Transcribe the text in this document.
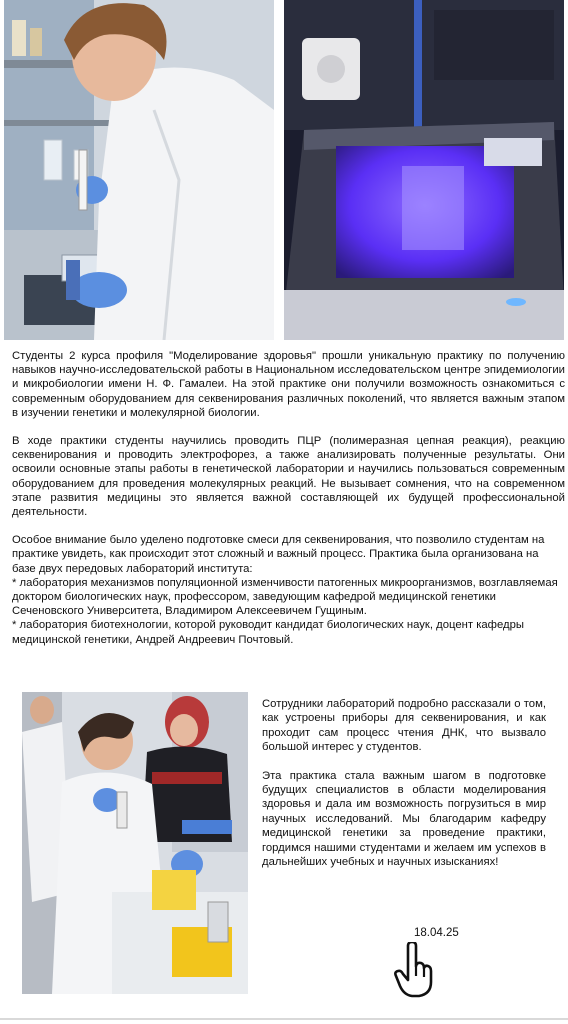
Студенты 2 курса профиля "Моделирование здоровья" прошли уникальную практику по получению навыков научно-исследовательской работы в Национальном исследовательском центре эпидемиологии и микробиологии имени Н. Ф. Гамалеи. На этой практике они получили возможность ознакомиться с современным оборудованием для секвенирования различных поколений, что является важным этапом в изучении генетики и молекулярной биологии.

В ходе практики студенты научились проводить ПЦР (полимеразная цепная реакция), реакцию секвенирования и проводить электрофорез, а также анализировать полученные результаты. Они освоили основные этапы работы в генетической лаборатории и научились пользоваться современным оборудованием для проведения молекулярных реакций. Не вызывает сомнения, что на современном этапе развития медицины это является важной составляющей их будущей профессиональной деятельности.

Особое внимание было уделено подготовке смеси для секвенирования, что позволило студентам на практике увидеть, как происходит этот сложный и важный процесс. Практика была организована на базе двух передовых лабораторий института:
* лаборатория механизмов популяционной изменчивости патогенных микроорганизмов, возглавляемая доктором биологических наук, профессором, заведующим кафедрой медицинской генетики Сеченовского Университета, Владимиром Алексеевичем Гущиным.
* лаборатория биотехнологии, которой руководит кандидат биологических наук, доцент кафедры медицинской генетики, Андрей Андреевич Почтовый.

Сотрудники лабораторий подробно рассказали о том, как устроены приборы для секвенирования, и как проходит сам процесс чтения ДНК, что вызвало большой интерес у студентов.

Эта практика стала важным шагом в подготовке будущих специалистов в области моделирования здоровья и дала им возможность погрузиться в мир научных исследований. Мы благодарим кафедру медицинской генетики за проведение практики, гордимся нашими студентами и желаем им успехов в дальнейших учебных и научных изысканиях!

18.04.25
